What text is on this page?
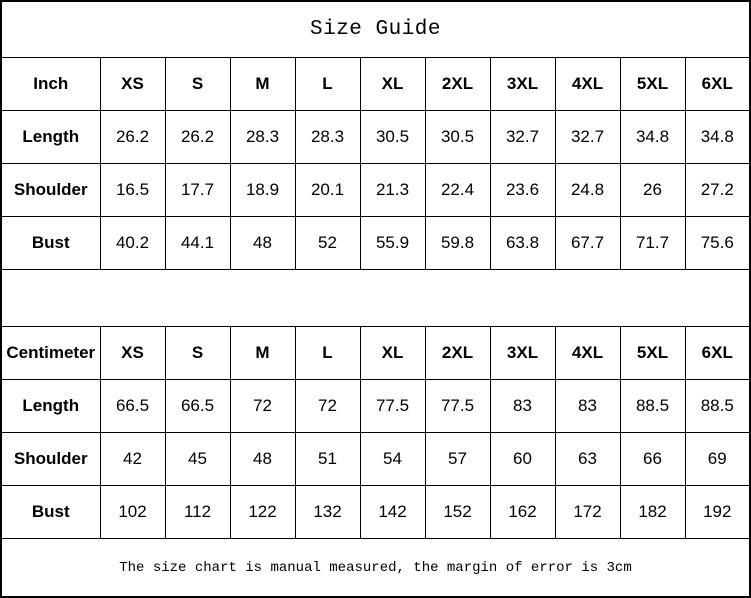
Size Guide										
Inch	XS	S	M	L	XL	2XL	3XL	4XL	5XL	6XL
Length	26.2	26.2	28.3	28.3	30.5	30.5	32.7	32.7	34.8	34.8
Shoulder	16.5	17.7	18.9	20.1	21.3	22.4	23.6	24.8	26	27.2
Bust	40.2	44.1	48	52	55.9	59.8	63.8	67.7	71.7	75.6

Centimeter	XS	S	M	L	XL	2XL	3XL	4XL	5XL	6XL
Length	66.5	66.5	72	72	77.5	77.5	83	83	88.5	88.5
Shoulder	42	45	48	51	54	57	60	63	66	69
Bust	102	112	122	132	142	152	162	172	182	192
The size chart is manual measured, the margin of error is 3cm										
